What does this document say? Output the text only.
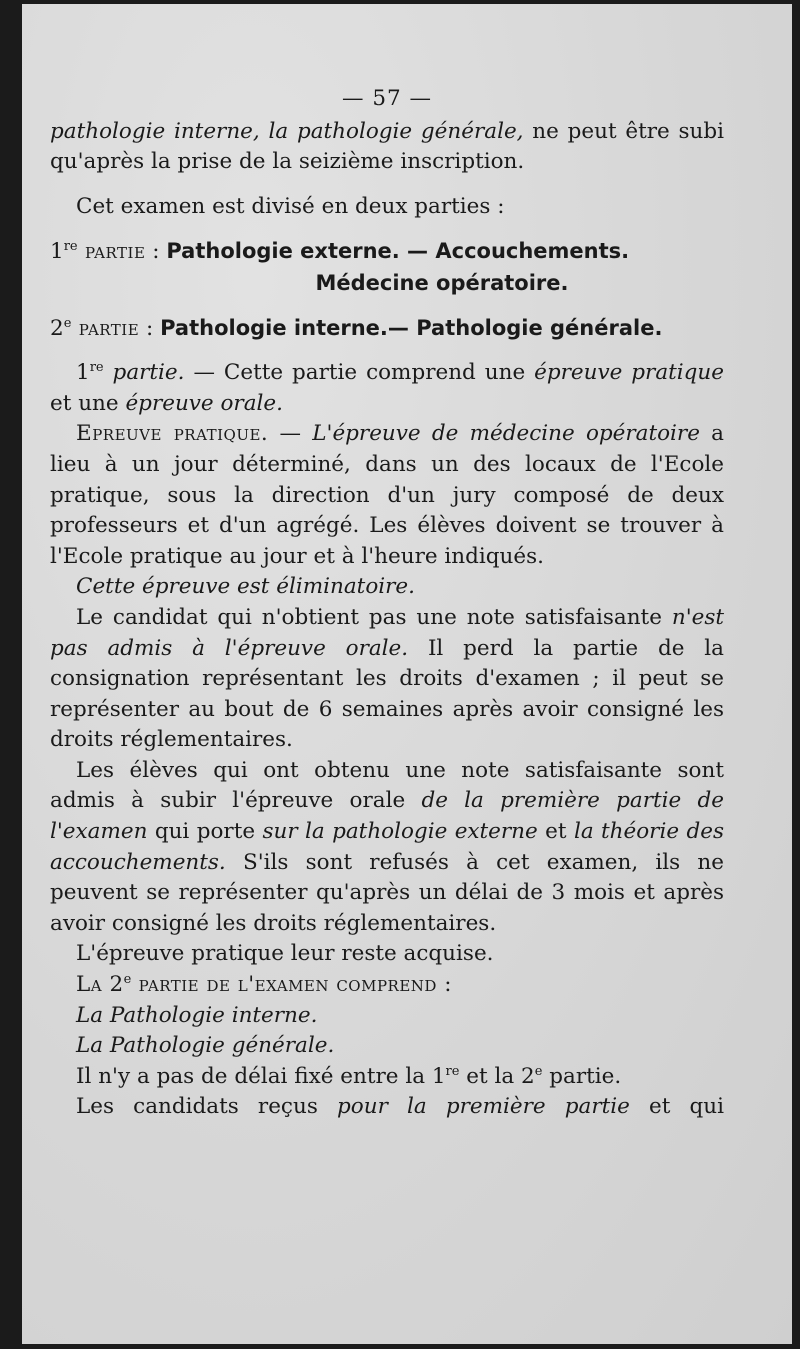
— 57 —

pathologie interne, la pathologie générale, ne peut être subi qu'après la prise de la seizième inscription.

Cet examen est divisé en deux parties :

1re partie : Pathologie externe. — Accouchements.

Médecine opératoire.

2e partie : Pathologie interne.— Pathologie générale.

1re partie. — Cette partie comprend une épreuve pratique et une épreuve orale.

Epreuve pratique. — L'épreuve de médecine opératoire a lieu à un jour déterminé, dans un des locaux de l'Ecole pratique, sous la direction d'un jury composé de deux professeurs et d'un agrégé. Les élèves doivent se trouver à l'Ecole pratique au jour et à l'heure indiqués.

Cette épreuve est éliminatoire.

Le candidat qui n'obtient pas une note satisfaisante n'est pas admis à l'épreuve orale. Il perd la partie de la consignation représentant les droits d'examen ; il peut se représenter au bout de 6 semaines après avoir consigné les droits réglementaires.

Les élèves qui ont obtenu une note satisfaisante sont admis à subir l'épreuve orale de la première partie de l'examen qui porte sur la pathologie externe et la théorie des accouchements. S'ils sont refusés à cet examen, ils ne peuvent se représenter qu'après un délai de 3 mois et après avoir consigné les droits réglementaires.

L'épreuve pratique leur reste acquise.

La 2e partie de l'examen comprend :

La Pathologie interne.

La Pathologie générale.

Il n'y a pas de délai fixé entre la 1re et la 2e partie.

Les candidats reçus pour la première partie et qui
